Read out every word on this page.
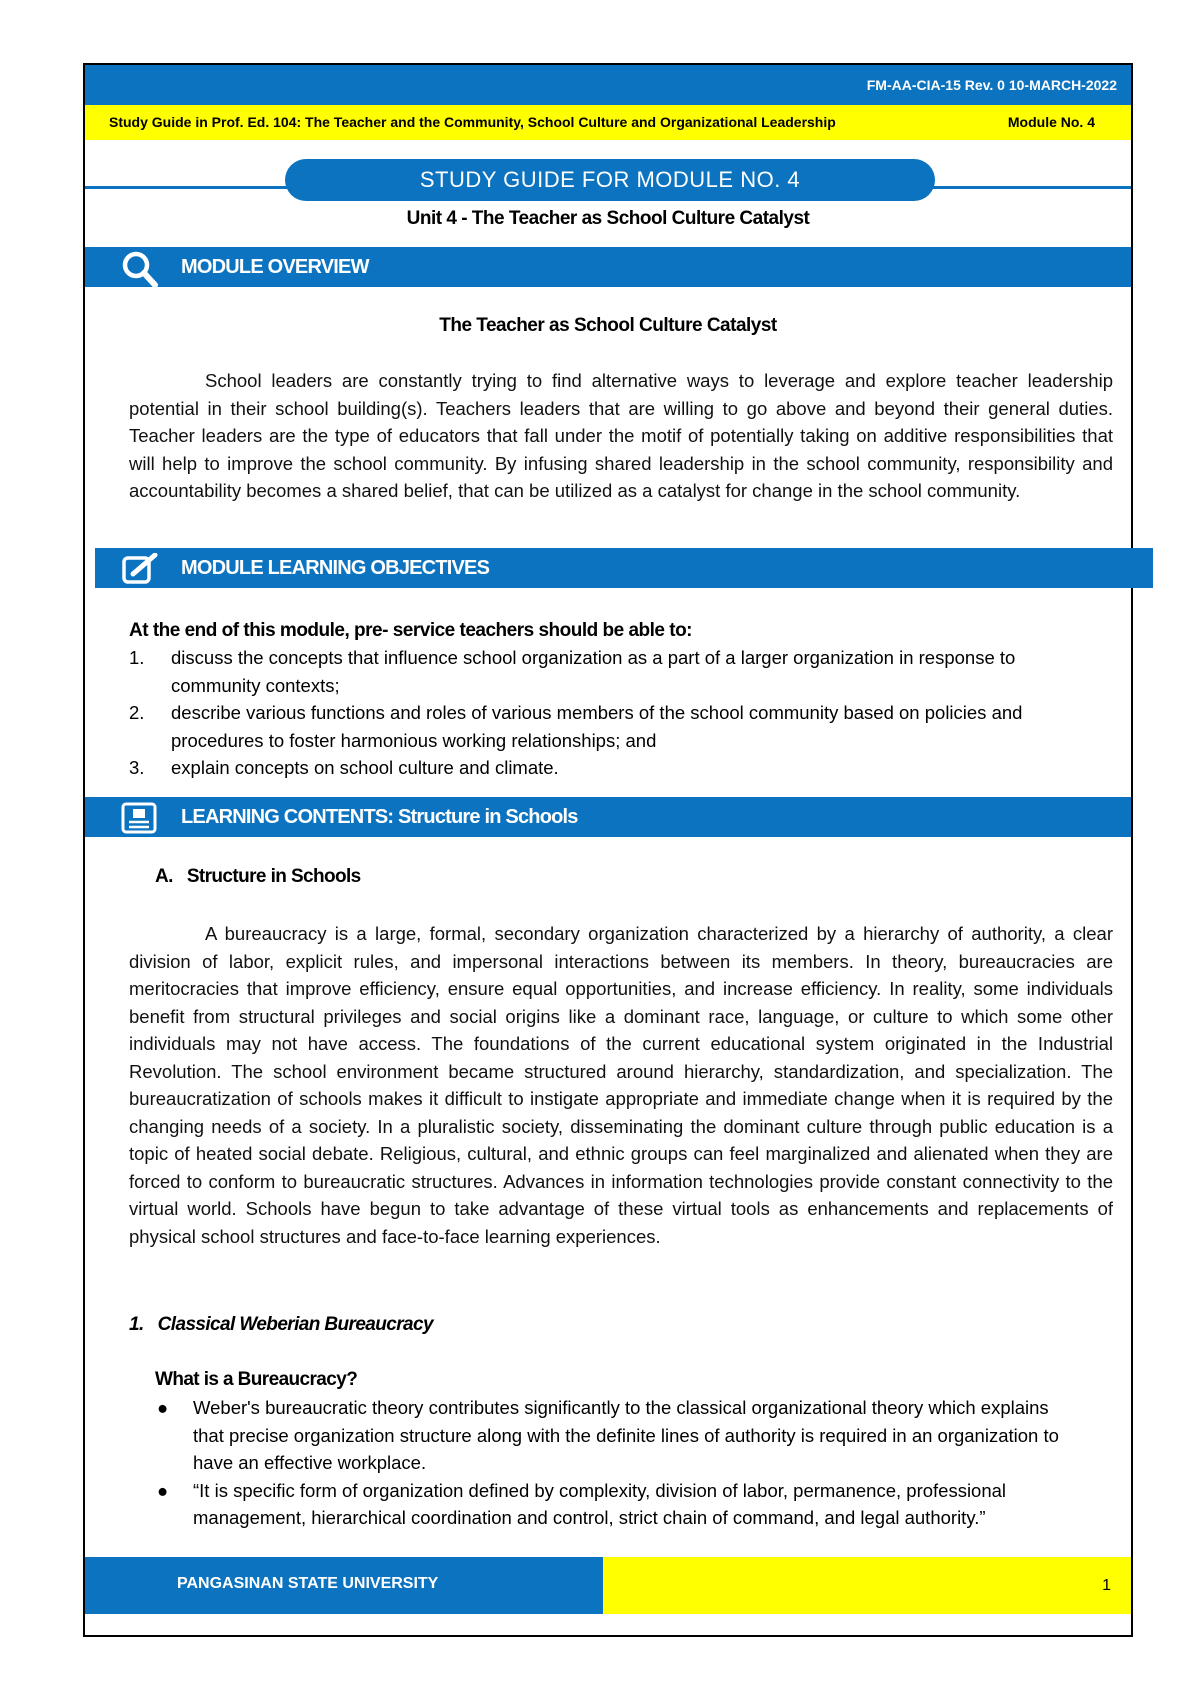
FM-AA-CIA-15 Rev. 0 10-MARCH-2022
Study Guide in Prof. Ed. 104: The Teacher and the Community, School Culture and Organizational Leadership	Module No. 4
STUDY GUIDE FOR MODULE NO. 4
Unit 4 - The Teacher as School Culture Catalyst
MODULE OVERVIEW
The Teacher as School Culture Catalyst
School leaders are constantly trying to find alternative ways to leverage and explore teacher leadership potential in their school building(s). Teachers leaders that are willing to go above and beyond their general duties. Teacher leaders are the type of educators that fall under the motif of potentially taking on additive responsibilities that will help to improve the school community. By infusing shared leadership in the school community, responsibility and accountability becomes a shared belief, that can be utilized as a catalyst for change in the school community.
MODULE LEARNING OBJECTIVES
At the end of this module, pre- service teachers should be able to:
1. discuss the concepts that influence school organization as a part of a larger organization in response to community contexts;
2. describe various functions and roles of various members of the school community based on policies and procedures to foster harmonious working relationships; and
3. explain concepts on school culture and climate.
LEARNING CONTENTS: Structure in Schools
A.   Structure in Schools
A bureaucracy is a large, formal, secondary organization characterized by a hierarchy of authority, a clear division of labor, explicit rules, and impersonal interactions between its members. In theory, bureaucracies are meritocracies that improve efficiency, ensure equal opportunities, and increase efficiency. In reality, some individuals benefit from structural privileges and social origins like a dominant race, language, or culture to which some other individuals may not have access. The foundations of the current educational system originated in the Industrial Revolution. The school environment became structured around hierarchy, standardization, and specialization. The bureaucratization of schools makes it difficult to instigate appropriate and immediate change when it is required by the changing needs of a society. In a pluralistic society, disseminating the dominant culture through public education is a topic of heated social debate. Religious, cultural, and ethnic groups can feel marginalized and alienated when they are forced to conform to bureaucratic structures. Advances in information technologies provide constant connectivity to the virtual world. Schools have begun to take advantage of these virtual tools as enhancements and replacements of physical school structures and face-to-face learning experiences.
1.   Classical Weberian Bureaucracy
What is a Bureaucracy?
● Weber's bureaucratic theory contributes significantly to the classical organizational theory which explains that precise organization structure along with the definite lines of authority is required in an organization to have an effective workplace.
● “It is specific form of organization defined by complexity, division of labor, permanence, professional management, hierarchical coordination and control, strict chain of command, and legal authority.”
PANGASINAN STATE UNIVERSITY	1
